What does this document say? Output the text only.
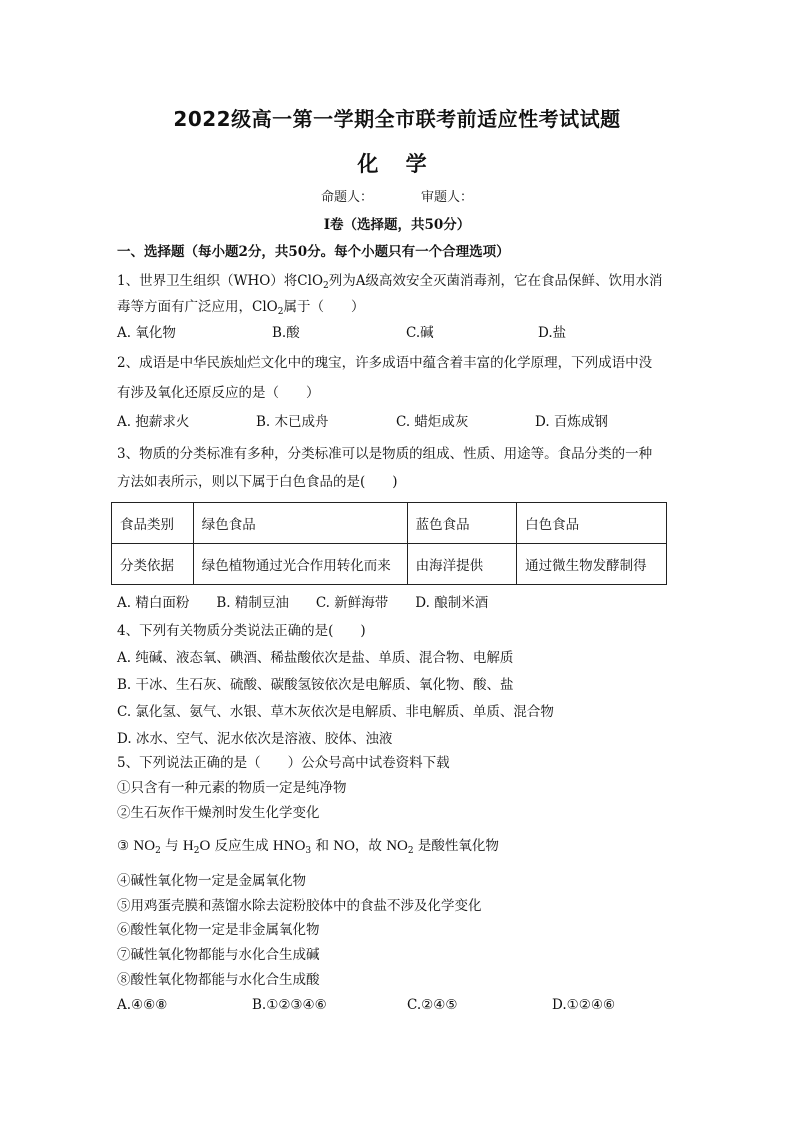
2022级高一第一学期全市联考前适应性考试试题
化 学
命题人：	审题人：
Ⅰ卷（选择题，共50分）
一、选择题（每小题2分，共50分。每个小题只有一个合理选项）
1、世界卫生组织（WHO）将ClO$_2$列为A级高效安全灭菌消毒剂，它在食品保鲜、饮用水消
毒等方面有广泛应用，ClO$_2$属于（　　）
A. 氧化物	B.酸	C.碱	D.盐
2、成语是中华民族灿烂文化中的瑰宝，许多成语中蕴含着丰富的化学原理，下列成语中没
有涉及氧化还原反应的是（　　）
A. 抱薪求火	B. 木已成舟	C. 蜡炬成灰	D. 百炼成钢
3、物质的分类标准有多种，分类标准可以是物质的组成、性质、用途等。食品分类的一种
方法如表所示，则以下属于白色食品的是(　　)
食品类别	绿色食品	蓝色食品	白色食品
分类依据	绿色植物通过光合作用转化而来	由海洋提供	通过微生物发酵制得
A. 精白面粉　　B. 精制豆油　　C. 新鲜海带　　D. 酿制米酒
4、下列有关物质分类说法正确的是(　　)
A. 纯碱、液态氧、碘酒、稀盐酸依次是盐、单质、混合物、电解质
B. 干冰、生石灰、硫酸、碳酸氢铵依次是电解质、氧化物、酸、盐
C. 氯化氢、氨气、水银、草木灰依次是电解质、非电解质、单质、混合物
D. 冰水、空气、泥水依次是溶液、胶体、浊液
5、下列说法正确的是（　　）公众号高中试卷资料下载
①只含有一种元素的物质一定是纯净物
②生石灰作干燥剂时发生化学变化
③ $NO_2$ 与 $H_2O$ 反应生成 $HNO_3$ 和 NO，故 $NO_2$ 是酸性氧化物
④碱性氧化物一定是金属氧化物
⑤用鸡蛋壳膜和蒸馏水除去淀粉胶体中的食盐不涉及化学变化
⑥酸性氧化物一定是非金属氧化物
⑦碱性氧化物都能与水化合生成碱
⑧酸性氧化物都能与水化合生成酸
A.④⑥⑧	B.①②③④⑥	C.②④⑤	D.①②④⑥
